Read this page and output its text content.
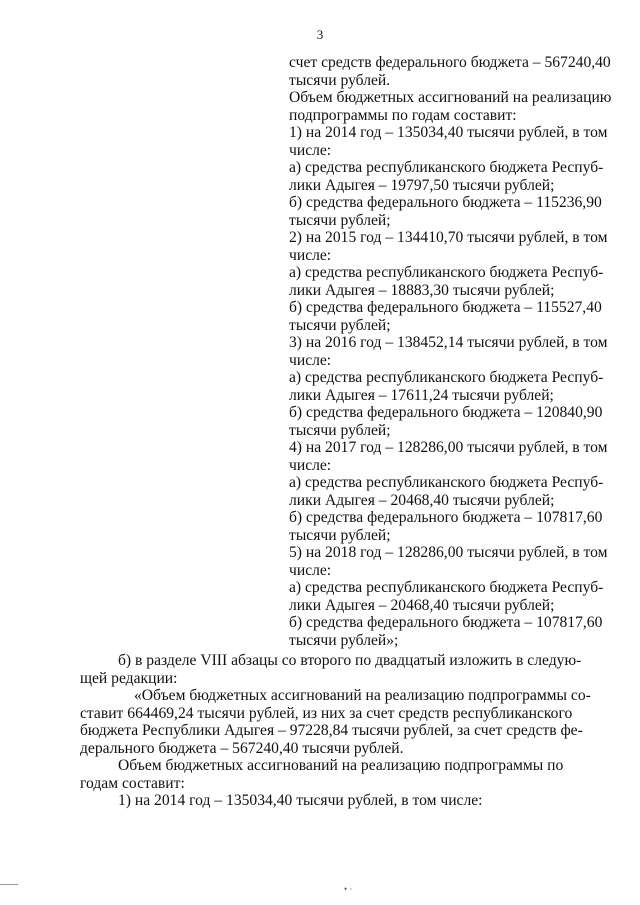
3
счет средств федерального бюджета – 567240,40
тысячи рублей.
Объем бюджетных ассигнований на реализацию
подпрограммы по годам составит:
1) на 2014 год – 135034,40 тысячи рублей, в том
числе:
а) средства республиканского бюджета Респуб-
лики Адыгея – 19797,50 тысячи рублей;
б) средства федерального бюджета – 115236,90
тысячи рублей;
2) на 2015 год – 134410,70 тысячи рублей, в том
числе:
а) средства республиканского бюджета Респуб-
лики Адыгея – 18883,30 тысячи рублей;
б) средства федерального бюджета – 115527,40
тысячи рублей;
3) на 2016 год – 138452,14 тысячи рублей, в том
числе:
а) средства республиканского бюджета Респуб-
лики Адыгея – 17611,24 тысячи рублей;
б) средства федерального бюджета – 120840,90
тысячи рублей;
4) на 2017 год – 128286,00 тысячи рублей, в том
числе:
а) средства республиканского бюджета Респуб-
лики Адыгея – 20468,40 тысячи рублей;
б) средства федерального бюджета – 107817,60
тысячи рублей;
5) на 2018 год – 128286,00 тысячи рублей, в том
числе:
а) средства республиканского бюджета Респуб-
лики Адыгея – 20468,40 тысячи рублей;
б) средства федерального бюджета – 107817,60
тысячи рублей»;
б) в разделе VIII абзацы со второго по двадцатый изложить в следую-
щей редакции:
«Объем бюджетных ассигнований на реализацию подпрограммы со-
ставит 664469,24 тысячи рублей, из них за счет средств республиканского
бюджета Республики Адыгея – 97228,84 тысячи рублей, за счет средств фе-
дерального бюджета – 567240,40 тысячи рублей.
Объем бюджетных ассигнований на реализацию подпрограммы по
годам составит:
1) на 2014 год – 135034,40 тысячи рублей, в том числе:
• ·
